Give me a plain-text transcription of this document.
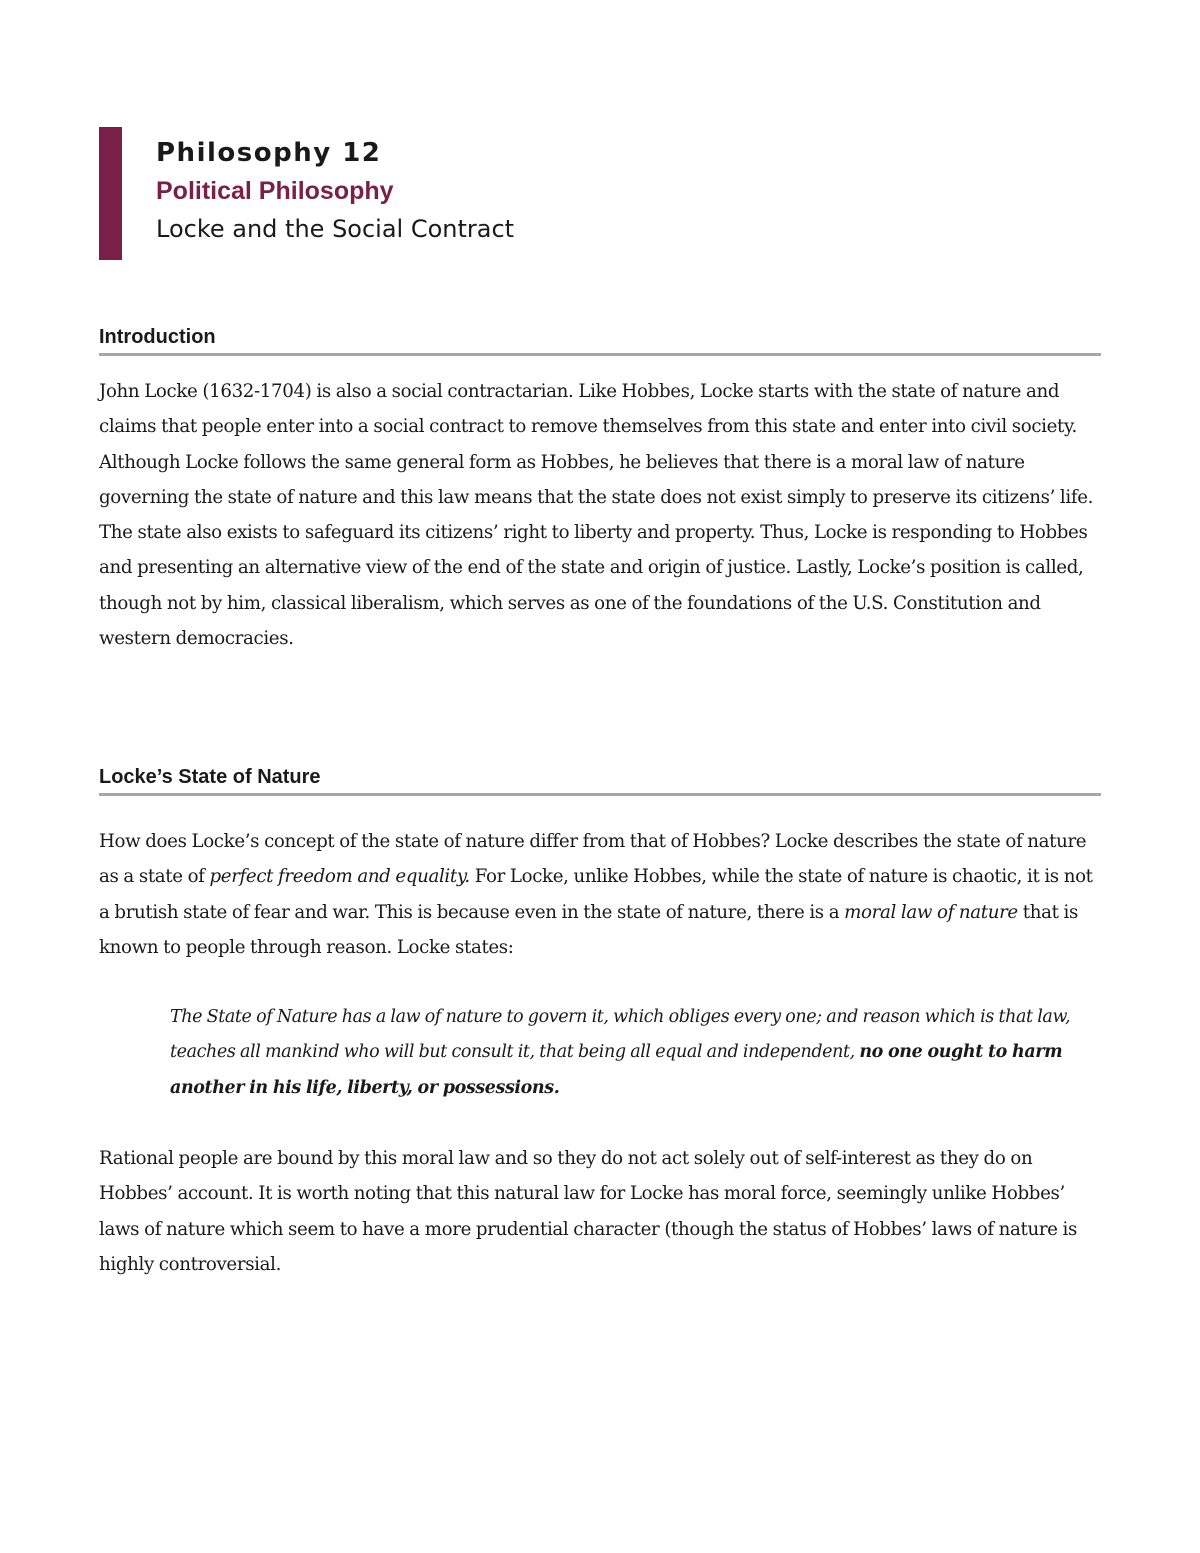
Philosophy 12
Political Philosophy
Locke and the Social Contract
Introduction

John Locke (1632-1704) is also a social contractarian. Like Hobbes, Locke starts with the state of nature and claims that people enter into a social contract to remove themselves from this state and enter into civil society. Although Locke follows the same general form as Hobbes, he believes that there is a moral law of nature governing the state of nature and this law means that the state does not exist simply to preserve its citizens’ life. The state also exists to safeguard its citizens’ right to liberty and property. Thus, Locke is responding to Hobbes and presenting an alternative view of the end of the state and origin of justice. Lastly, Locke’s position is called, though not by him, classical liberalism, which serves as one of the foundations of the U.S. Constitution and western democracies.

Locke’s State of Nature

How does Locke’s concept of the state of nature differ from that of Hobbes? Locke describes the state of nature as a state of perfect freedom and equality. For Locke, unlike Hobbes, while the state of nature is chaotic, it is not a brutish state of fear and war. This is because even in the state of nature, there is a moral law of nature that is known to people through reason. Locke states:

The State of Nature has a law of nature to govern it, which obliges every one; and reason which is that law, teaches all mankind who will but consult it, that being all equal and independent, no one ought to harm another in his life, liberty, or possessions.

Rational people are bound by this moral law and so they do not act solely out of self-interest as they do on Hobbes’ account. It is worth noting that this natural law for Locke has moral force, seemingly unlike Hobbes’ laws of nature which seem to have a more prudential character (though the status of Hobbes’ laws of nature is highly controversial.
